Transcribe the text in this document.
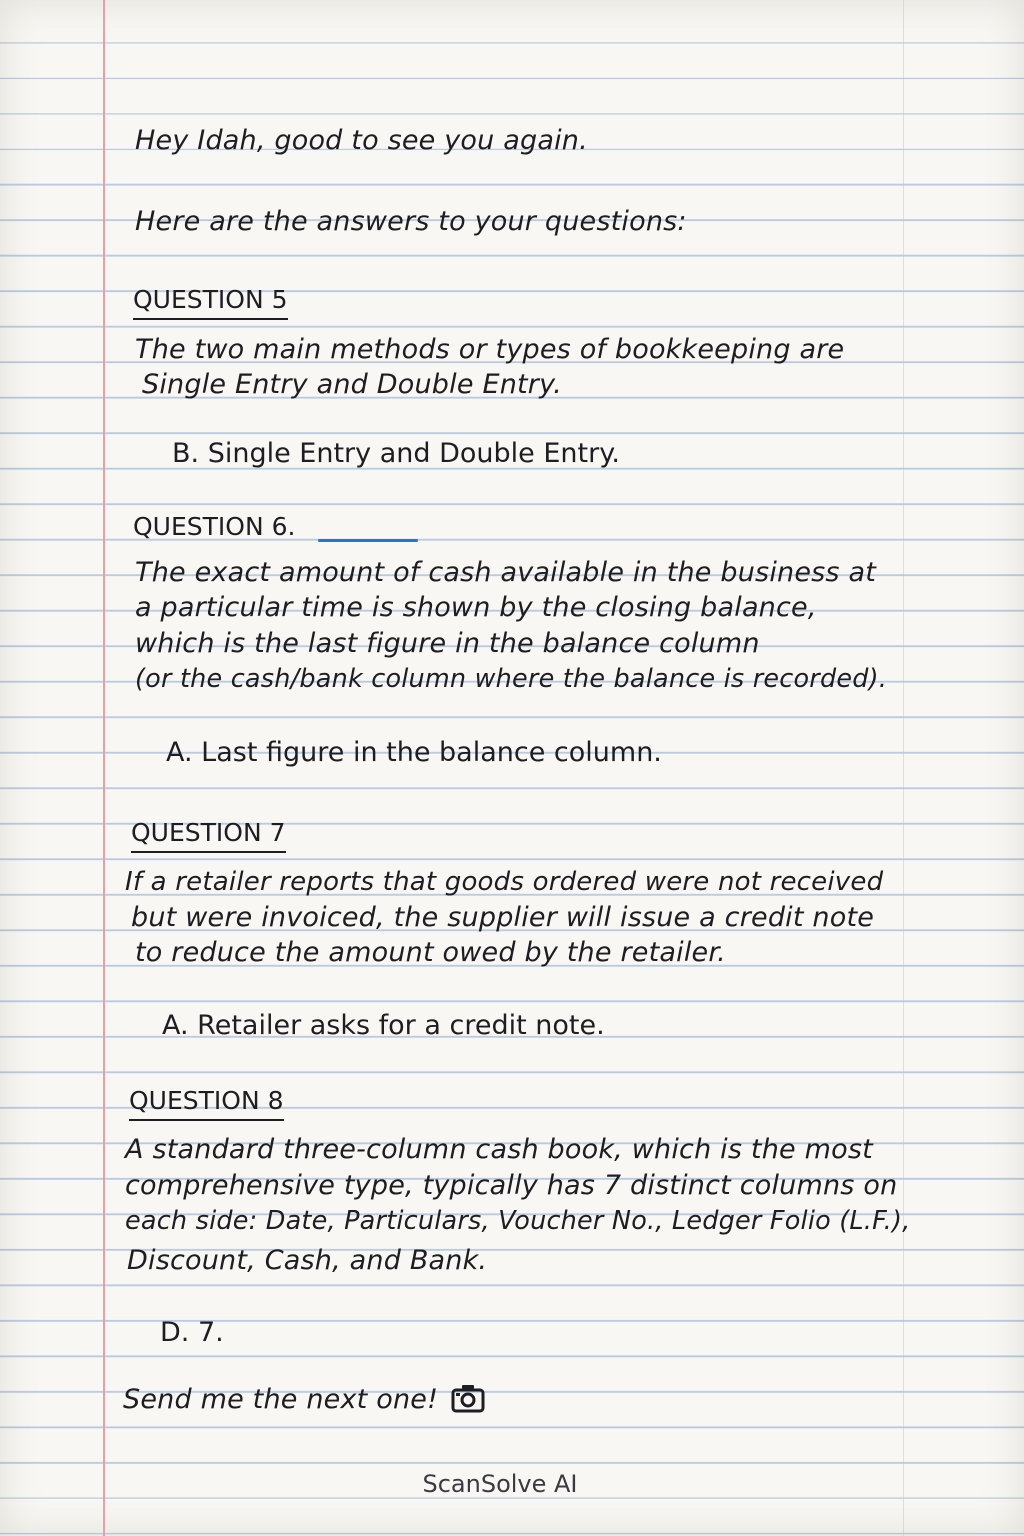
Hey Idah, good to see you again.

Here are the answers to your questions:

QUESTION 5

The two main methods or types of bookkeeping are

Single Entry and Double Entry.

B. Single Entry and Double Entry.

QUESTION 6.

The exact amount of cash available in the business at

a particular time is shown by the closing balance,

which is the last figure in the balance column

(or the cash/bank column where the balance is recorded).

A. Last figure in the balance column.

QUESTION 7

If a retailer reports that goods ordered were not received

but were invoiced, the supplier will issue a credit note

to reduce the amount owed by the retailer.

A. Retailer asks for a credit note.

QUESTION 8

A standard three-column cash book, which is the most

comprehensive type, typically has 7 distinct columns on

each side: Date, Particulars, Voucher No., Ledger Folio (L.F.),

Discount, Cash, and Bank.

D. 7.

Send me the next one!

ScanSolve AI
